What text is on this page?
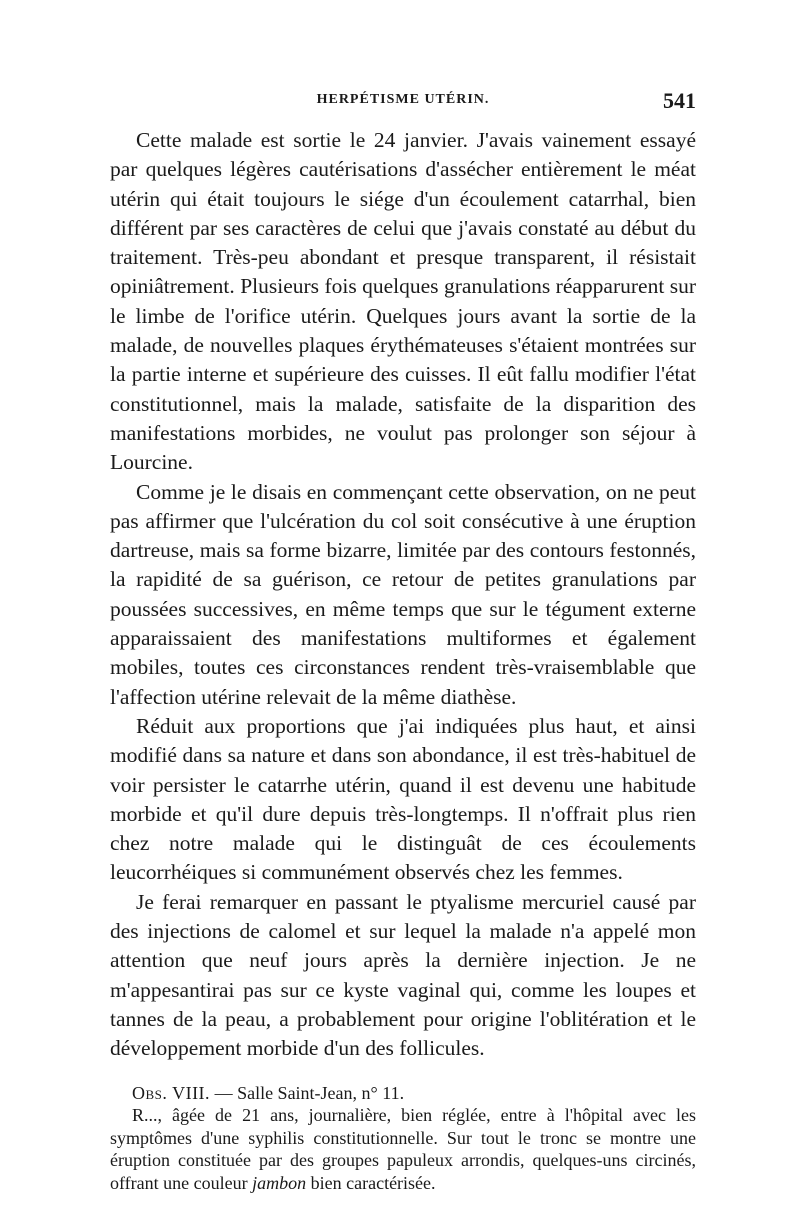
HERPÉTISME UTÉRIN.	541

Cette malade est sortie le 24 janvier. J'avais vainement essayé par quelques légères cautérisations d'assécher entièrement le méat utérin qui était toujours le siége d'un écoulement catarrhal, bien différent par ses caractères de celui que j'avais constaté au début du traitement. Très-peu abondant et presque transparent, il résistait opiniâtrement. Plusieurs fois quelques granulations réapparurent sur le limbe de l'orifice utérin. Quelques jours avant la sortie de la malade, de nouvelles plaques érythémateuses s'étaient montrées sur la partie interne et supérieure des cuisses. Il eût fallu modifier l'état constitutionnel, mais la malade, satisfaite de la disparition des manifestations morbides, ne voulut pas prolonger son séjour à Lourcine.

Comme je le disais en commençant cette observation, on ne peut pas affirmer que l'ulcération du col soit consécutive à une éruption dartreuse, mais sa forme bizarre, limitée par des contours festonnés, la rapidité de sa guérison, ce retour de petites granulations par poussées successives, en même temps que sur le tégument externe apparaissaient des manifestations multiformes et également mobiles, toutes ces circonstances rendent très-vraisemblable que l'affection utérine relevait de la même diathèse.

Réduit aux proportions que j'ai indiquées plus haut, et ainsi modifié dans sa nature et dans son abondance, il est très-habituel de voir persister le catarrhe utérin, quand il est devenu une habitude morbide et qu'il dure depuis très-longtemps. Il n'offrait plus rien chez notre malade qui le distinguât de ces écoulements leucorrhéiques si communément observés chez les femmes.

Je ferai remarquer en passant le ptyalisme mercuriel causé par des injections de calomel et sur lequel la malade n'a appelé mon attention que neuf jours après la dernière injection. Je ne m'appesantirai pas sur ce kyste vaginal qui, comme les loupes et tannes de la peau, a probablement pour origine l'oblitération et le développement morbide d'un des follicules.

Obs. VIII. — Salle Saint-Jean, n° 11.

R..., âgée de 21 ans, journalière, bien réglée, entre à l'hôpital avec les symptômes d'une syphilis constitutionnelle. Sur tout le tronc se montre une éruption constituée par des groupes papuleux arrondis, quelques-uns circinés, offrant une couleur jambon bien caractérisée.
